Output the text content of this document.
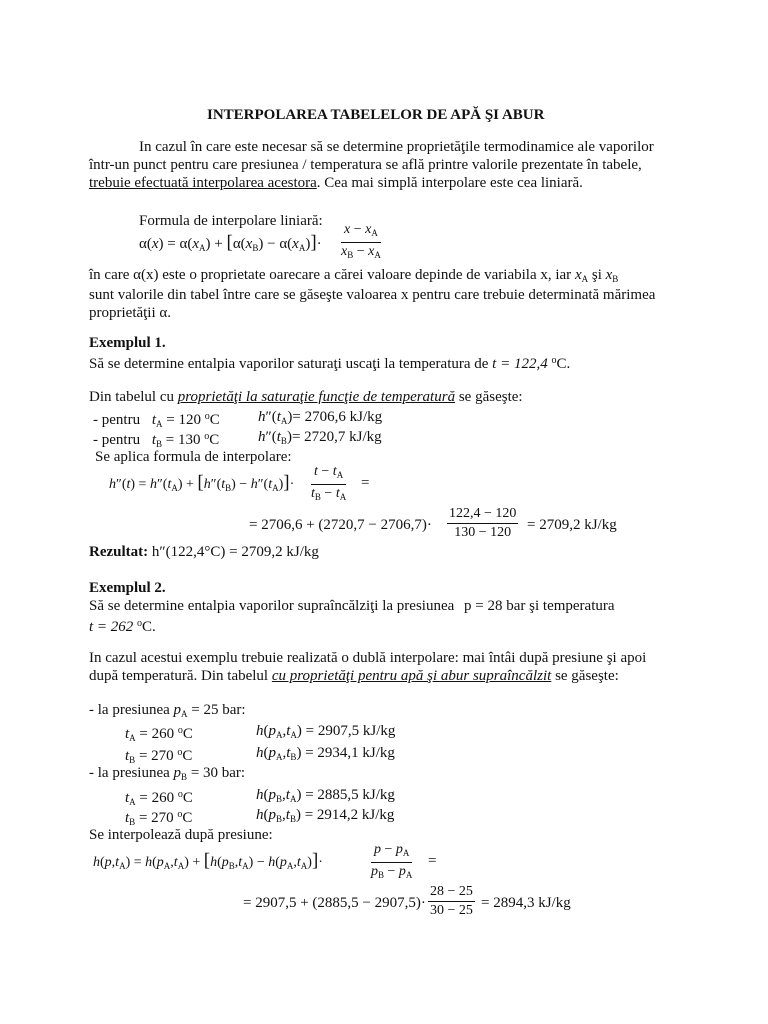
INTERPOLAREA TABELELOR DE APĂ ŞI ABUR
In cazul în care este necesar să se determine proprietăţile termodinamice ale vaporilor
într-un punct pentru care presiunea / temperatura se află printre valorile prezentate în tabele,
trebuie efectuată interpolarea acestora. Cea mai simplă interpolare este cea liniară.
Formula de interpolare liniară:
$\alpha(x) = \alpha(x_A) + [\alpha(x_B) - \alpha(x_A)]\cdot \frac{x - x_A}{x_B - x_A}$
în care α(x) este o proprietate oarecare a cărei valoare depinde de variabila x, iar $x_A$ şi $x_B$
sunt valorile din tabel între care se găseşte valoarea x pentru care trebuie determinată mărimea
proprietăţii α.
Exemplul 1.
Să se determine entalpia vaporilor saturaţi uscaţi la temperatura de t = 122,4 $^o$C.
Din tabelul cu proprietăţi la saturaţie funcţie de temperatură se găseşte:
- pentru $t_A = 120$ $^o$C	$h''(t_A)= 2706,6$ kJ/kg
- pentru $t_B = 130$ $^o$C	$h''(t_B)= 2720,7$ kJ/kg
Se aplica formula de interpolare:
$h''(t) = h''(t_A) + [h''(t_B) - h''(t_A)]\cdot \frac{t - t_A}{t_B - t_A}$ =
= $2706,6 + (2720,7 - 2706,7)\cdot \frac{122,4 - 120}{130 - 120} = 2709,2$ kJ/kg
Rezultat: h″(122,4°C) = 2709,2 kJ/kg
Exemplul 2.
Să se determine entalpia vaporilor supraîncălziţi la presiunea p = 28 bar şi temperatura
t = 262 $^o$C.
In cazul acestui exemplu trebuie realizată o dublă interpolare: mai întâi după presiune şi apoi
după temperatură. Din tabelul cu proprietăţi pentru apă şi abur supraîncălzit se găseşte:
- la presiunea $p_A = 25$ bar:
$t_A = 260$ $^o$C	$h(p_A,t_A) = 2907,5$ kJ/kg
$t_B = 270$ $^o$C	$h(p_A,t_B) = 2934,1$ kJ/kg
- la presiunea $p_B = 30$ bar:
$t_A = 260$ $^o$C	$h(p_B,t_A) = 2885,5$ kJ/kg
$t_B = 270$ $^o$C	$h(p_B,t_B) = 2914,2$ kJ/kg
Se interpolează după presiune:
$h(p,t_A) = h(p_A,t_A) + [h(p_B,t_A) - h(p_A,t_A)]\cdot$	$\frac{p - p_A}{p_B - p_A}$ =
= $2907,5 + (2885,5 - 2907,5)\cdot \frac{28 - 25}{30 - 25} = 2894,3$ kJ/kg
